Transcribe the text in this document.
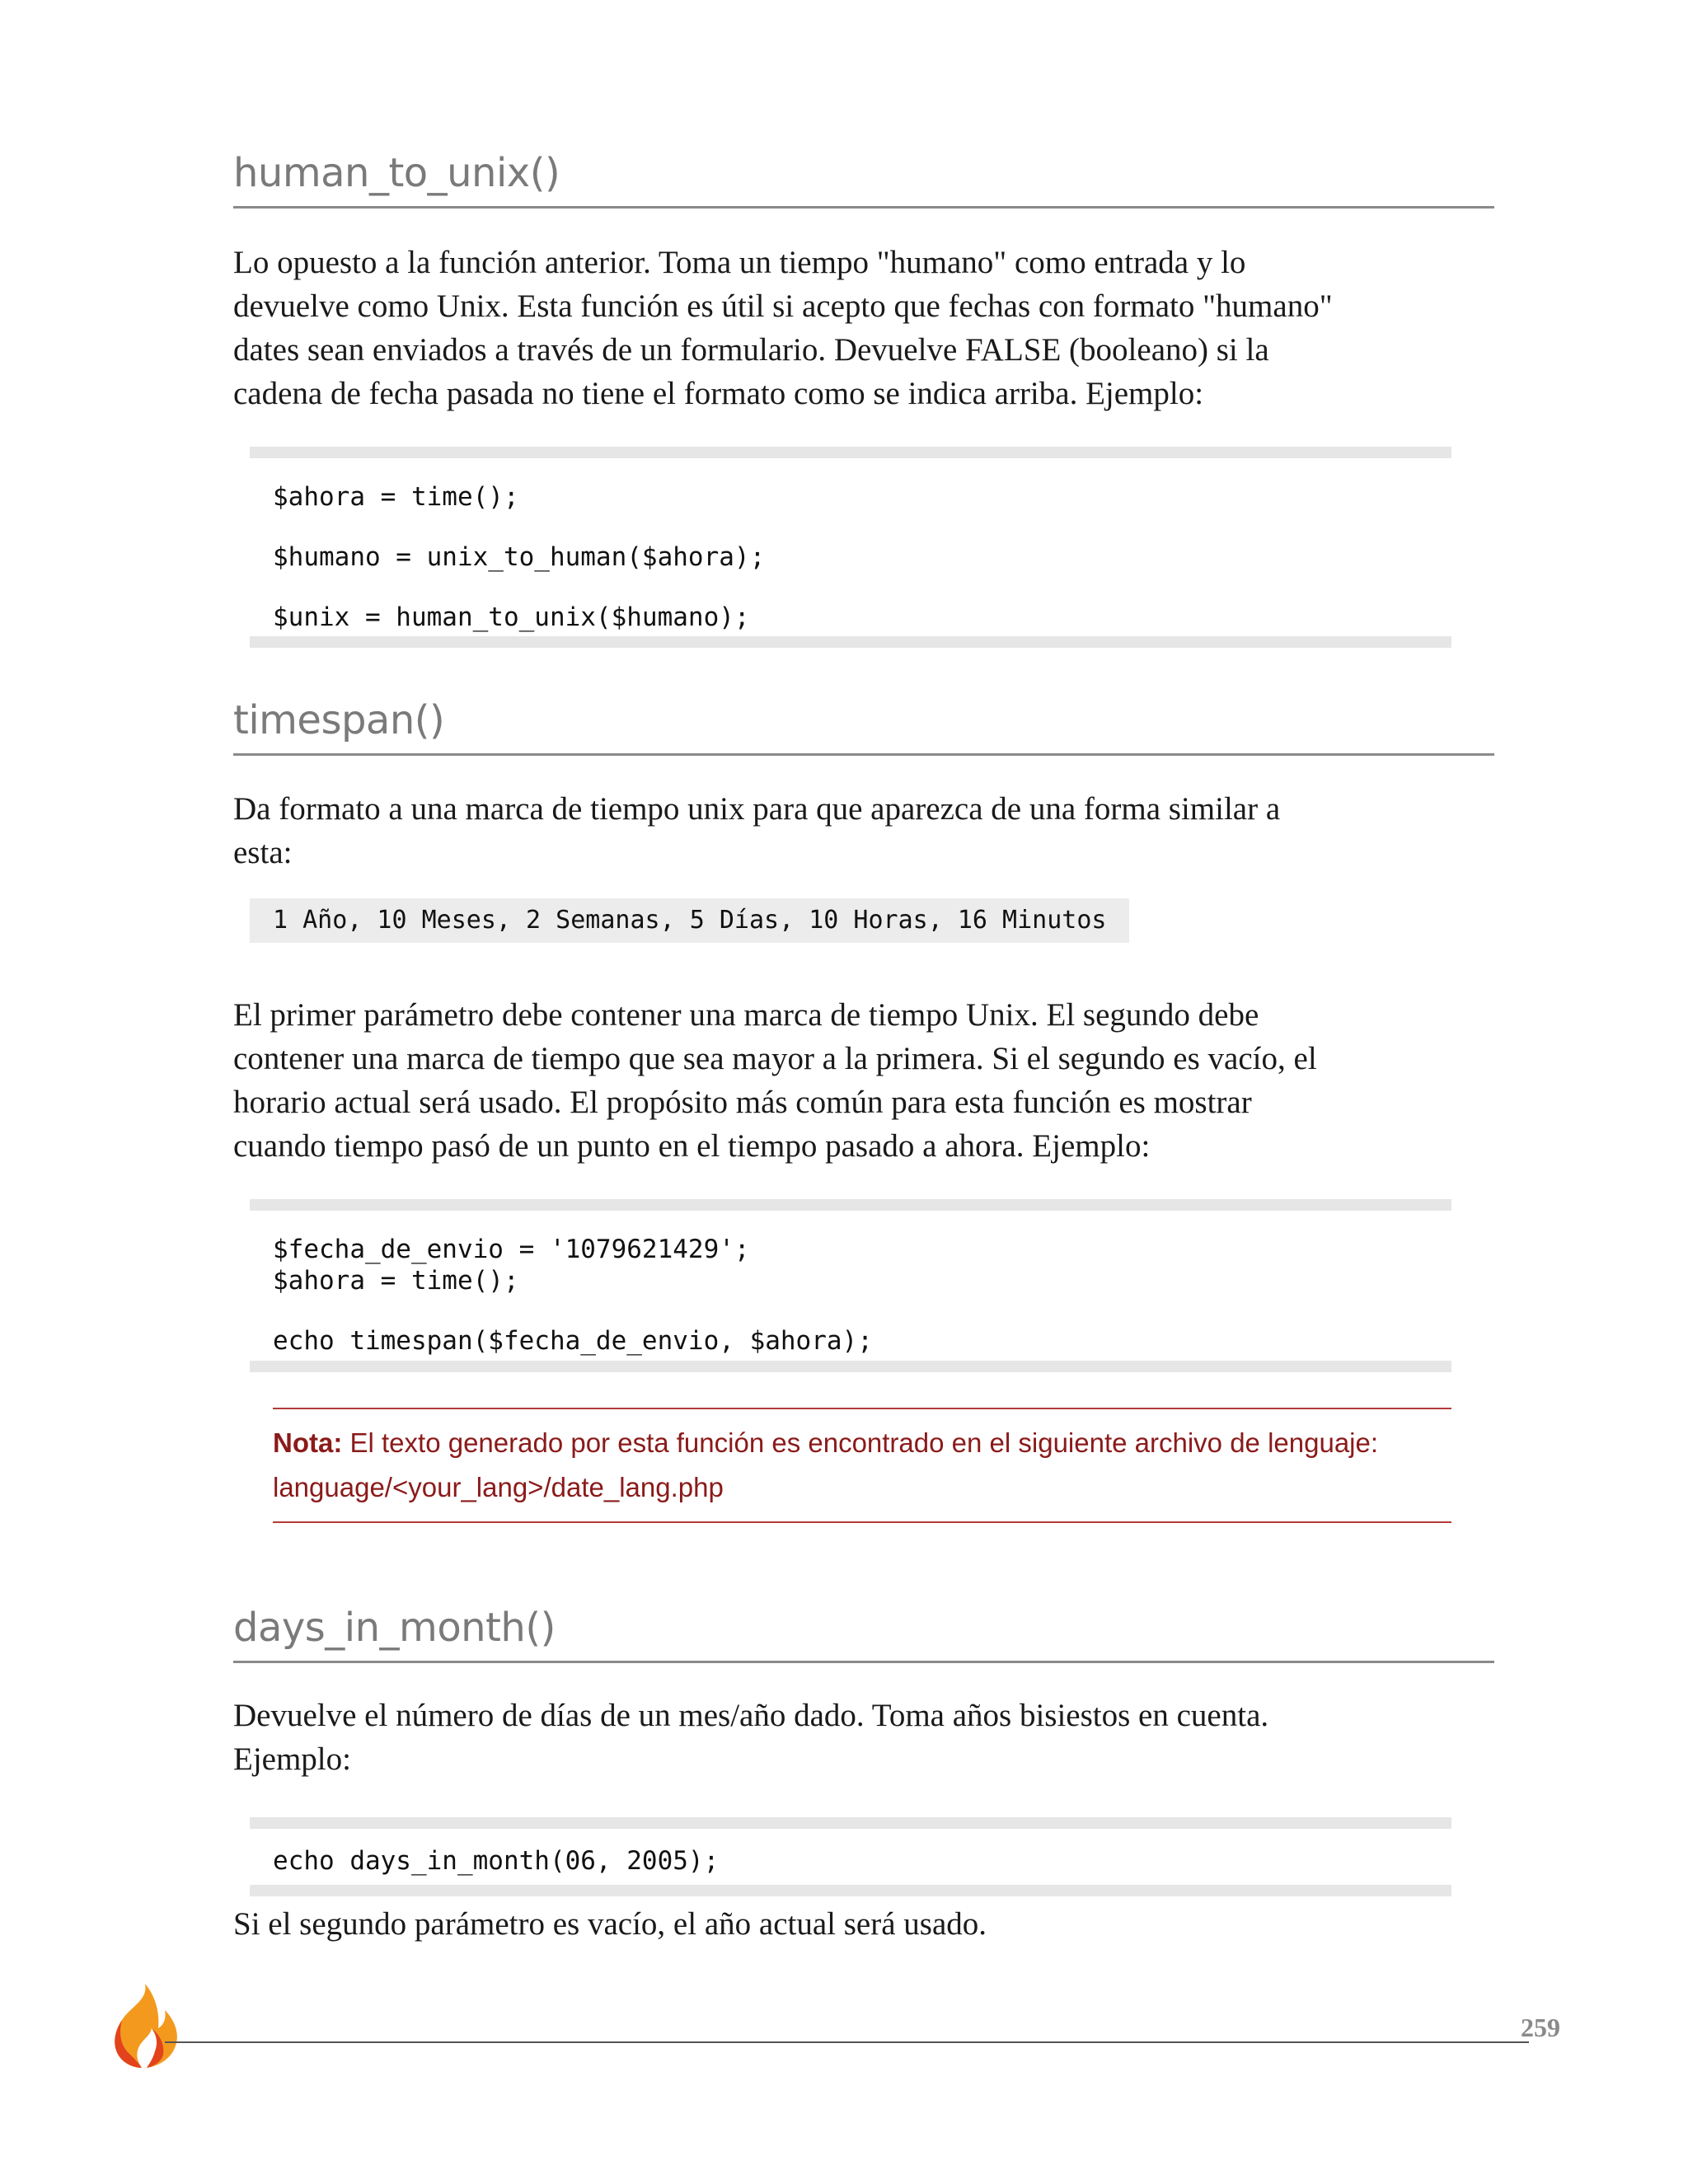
human_to_unix()

Lo opuesto a la función anterior. Toma un tiempo "humano" como entrada y lo

devuelve como Unix. Esta función es útil si acepto que fechas con formato "humano"

dates sean enviados a través de un formulario. Devuelve FALSE (booleano) si la

cadena de fecha pasada no tiene el formato como se indica arriba. Ejemplo:

$ahora = time();
$humano = unix_to_human($ahora);
$unix = human_to_unix($humano);
timespan()

Da formato a una marca de tiempo unix para que aparezca de una forma similar a

esta:

1 Año, 10 Meses, 2 Semanas, 5 Días, 10 Horas, 16 Minutos

El primer parámetro debe contener una marca de tiempo Unix. El segundo debe

contener una marca de tiempo que sea mayor a la primera. Si el segundo es vacío, el

horario actual será usado. El propósito más común para esta función es mostrar

cuando tiempo pasó de un punto en el tiempo pasado a ahora. Ejemplo:

$fecha_de_envio = '1079621429';
$ahora = time();
echo timespan($fecha_de_envio, $ahora);
Nota: El texto generado por esta función es encontrado en el siguiente archivo de lenguaje:
language/<your_lang>/date_lang.php
days_in_month()

Devuelve el número de días de un mes/año dado. Toma años bisiestos en cuenta.

Ejemplo:

echo days_in_month(06, 2005);

Si el segundo parámetro es vacío, el año actual será usado.

259
